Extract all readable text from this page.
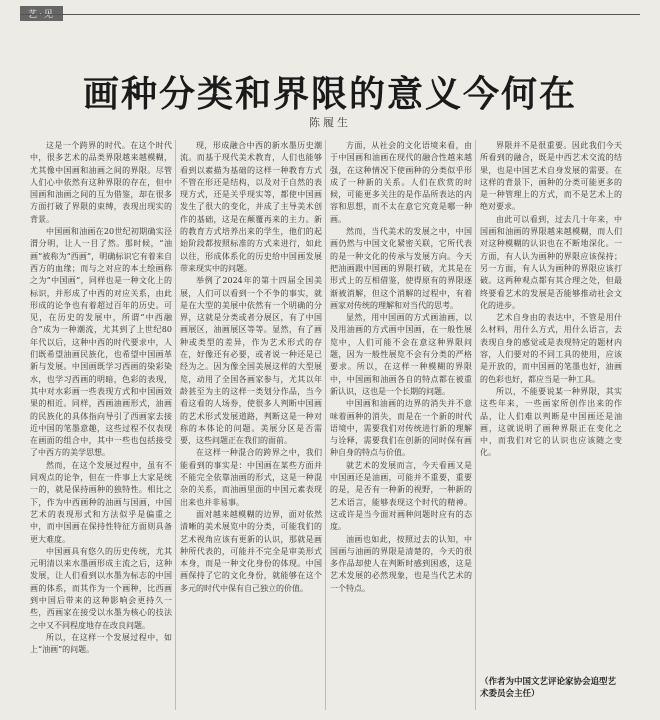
艺·见
画种分类和界限的意义今何在
陈履生

这是一个跨界的时代。在这个时代中，很多艺术的品类界限越来越模糊，尤其像中国画和油画之间的界限。尽管人们心中依然有这种界限的存在，但中国画和油画之间的互为借鉴，却在很多方面打破了界限的束缚，表现出现实的背景。

中国画和油画在20世纪初期确实泾渭分明，让人一目了然。那时候，“油画”被称为“西画”，明确标识它有着来自西方的血缘；而与之对应的本土绘画称之为“中国画”，同样也是一种文化上的标识，并形成了中西的对应关系，由此形成的论争也有着超过百年的历史。可见，在历史的发展中，所谓“中西融合”成为一种潮流，尤其到了上世纪80年代以后，这种中西的时代要求中，人们既希望油画民族化，也希望中国画革新与发展。中国画既学习西画的染彩染水，也学习西画的明暗，色彩的表现，其中对水彩画一些表现方式和中国画效果的相近。同样，西画油画形式，油画的民族化的具体指向导引了西画家去接近中国的笔墨意趣，这些过程不仅表现在画面的组合中，其中一些也包括接受了中西方的美学思想。

然而，在这个发展过程中，虽有不同观点的论争，但在一件事上大家是统一的，就是保持画种的独特性。相比之下，作为中西画种的油画与国画，中国艺术的表现形式和方法似乎是偏重之中，而中国画在保持性特征方面则具备更大难度。

中国画具有悠久的历史传统，尤其元明清以来水墨画形成主流之后，这种发展，让人们看到以水墨为标志的中国画的体系，而其作为一个画种，比西画到中国后带来的这种影响会更持久一些，西画家在接受以水墨为核心的技法之中又不同程度地存在改良问题。

所以，在这样一个发展过程中，如上“油画”的问题。

现，形成融合中西的新水墨历史潮流。而基于现代美术教育，人们也能够看到以素描为基础的这样一种教育方式不管在形还是结构，以及对于自然的表现方式，还是关乎现实等，都使中国画发生了很大的变化，并成了主导美术创作的基础，这是在颠覆再来的主力。新的教育方式培养出来的学生，他们的起始阶段都按照标准的方式来进行，如此以往，形成体系化的历史给中国画发展带来现实中的问题。

举例了2024年的第十四届全国美展，人们可以看到一个不争的事实，就是在大型的美展中依然有一个明确的分界，这就是分类或者分展区，有了中国画展区，油画展区等等。显然，有了画种或类型的差异，作为艺术形式的存在，好像还有必要，或者说一种还是已经为之。因为像全国美展这样的大型展览，动用了全国各画家参与，尤其以年龄甚至为主的这样一类划分作品，当今看这看的人场券，使很多人判断中国画的艺术形式发展道路，判断这是一种对称的本体论的问题。美展分区是否需要，这些问题正在我们的面前。

在这样一种混合的跨界之中，我们能看到的事实是：中国画在某些方面并不能完全依靠油画的形式，这是一种混杂的关系，而油画里面的中国元素表现出来也并非易事。

面对越来越模糊的边界，面对依然清晰的美术展览中的分类，可能我们的艺术视角应该有更新的认识，那就是画种所代表的，可能并不完全是审美形式本身，而是一种文化身份的体现。中国画保持了它的文化身份，就能够在这个多元的时代中保有自己独立的价值。

方面，从社会的文化语境来看，由于中国画和油画在现代的融合性越来越强，在这种情况下使画种的分类似乎形成了一种新的关系。人们在欣赏的时候，可能更多关注的是作品所表达的内容和思想，而不太在意它究竟是哪一种画。

然而，当代美术的发展之中，中国画仍然与中国文化紧密关联，它所代表的是一种文化的传承与发展方向。今天把油画跟中国画的界限打破，尤其是在形式上的互相借鉴，使得原有的界限逐渐被消解，但这个消解的过程中，有着画家对传统的理解和对当代的思考。

显然，用中国画的方式画油画，以及用油画的方式画中国画，在一般性展览中，人们可能不会在意这种界限问题，因为一般性展览不会有分类的严格要求。所以，在这样一种模糊的界限中，中国画和油画各自的特点都在被重新认识，这也是一个长期的问题。

中国画和油画的边界的消失并不意味着画种的消失，而是在一个新的时代语境中，需要我们对传统进行新的理解与诠释，需要我们在创新的同时保有画种自身的特点与价值。

就艺术的发展而言，今天看画又是中国画还是油画，可能并不重要，重要的是，是否有一种新的视野，一种新的艺术语言，能够表现这个时代的精神。这或许是当今面对画种问题时应有的态度。

油画也如此，按照过去的认知，中国画与油画的界限是清楚的，今天的很多作品却使人在判断时感到困惑，这是艺术发展的必然现象，也是当代艺术的一个特点。

界限并不是很重要。因此我们今天所看到的融合，既是中西艺术交流的结果，也是中国艺术自身发展的需要。在这样的背景下，画种的分类可能更多的是一种管理上的方式，而不是艺术上的绝对要求。

由此可以看到，过去几十年来，中国画和油画的界限越来越模糊，而人们对这种模糊的认识也在不断地深化。一方面，有人认为画种的界限应该保持；另一方面，有人认为画种的界限应该打破。这两种观点都有其合理之处，但最终要看艺术的发展是否能够推动社会文化的进步。

艺术自身由的表达中，不管是用什么材料，用什么方式，用什么语言，去表现自身的感觉或是表现特定的题材内容，人们要对的不同工具的使用，应该是开放的，而中国画的笔墨也好，油画的色彩也好，都应当是一种工具。

所以，不能要说某一种界限，其实这些年来，一些画家所创作出来的作品，让人们难以判断是中国画还是油画，这就说明了画种界限正在变化之中，而我们对它的认识也应该随之变化。

（作者为中国文艺评论家协会追型艺术委员会主任）
